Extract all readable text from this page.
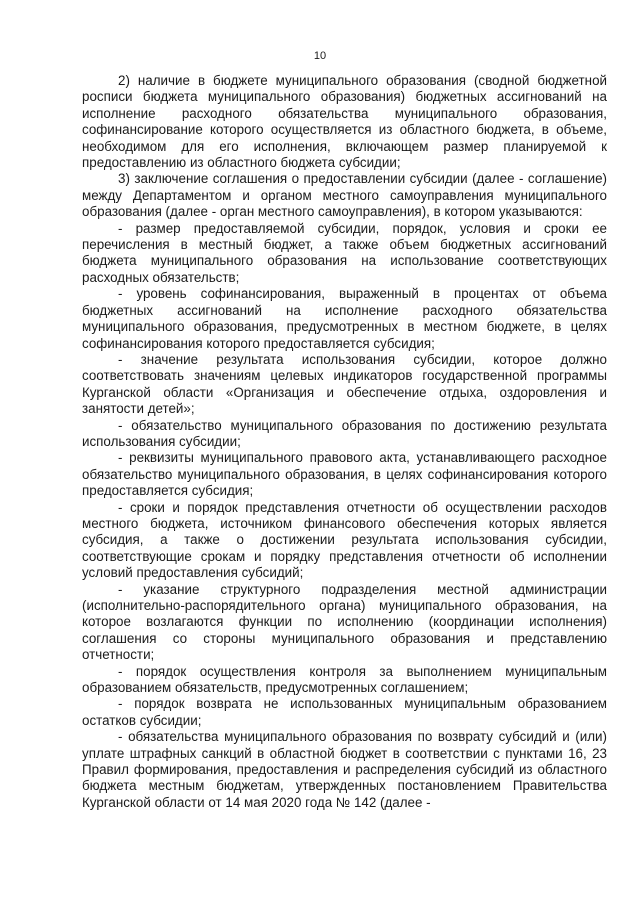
10

2) наличие в бюджете муниципального образования (сводной бюджетной росписи бюджета муниципального образования) бюджетных ассигнований на исполнение расходного обязательства муниципального образования, софинансирование которого осуществляется из областного бюджета, в объеме, необходимом для его исполнения, включающем размер планируемой к предоставлению из областного бюджета субсидии;

3) заключение соглашения о предоставлении субсидии (далее - соглашение) между Департаментом и органом местного самоуправления муниципального образования (далее - орган местного самоуправления), в котором указываются:

- размер предоставляемой субсидии, порядок, условия и сроки ее перечисления в местный бюджет, а также объем бюджетных ассигнований бюджета муниципального образования на использование соответствующих расходных обязательств;

- уровень софинансирования, выраженный в процентах от объема бюджетных ассигнований на исполнение расходного обязательства муниципального образования, предусмотренных в местном бюджете, в целях софинансирования которого предоставляется субсидия;

- значение результата использования субсидии, которое должно соответствовать значениям целевых индикаторов государственной программы Курганской области «Организация и обеспечение отдыха, оздоровления и занятости детей»;

- обязательство муниципального образования по достижению результата использования субсидии;

- реквизиты муниципального правового акта, устанавливающего расходное обязательство муниципального образования, в целях софинансирования которого предоставляется субсидия;

- сроки и порядок представления отчетности об осуществлении расходов местного бюджета, источником финансового обеспечения которых является субсидия, а также о достижении результата использования субсидии, соответствующие срокам и порядку представления отчетности об исполнении условий предоставления субсидий;

- указание структурного подразделения местной администрации (исполнительно-распорядительного органа) муниципального образования, на которое возлагаются функции по исполнению (координации исполнения) соглашения со стороны муниципального образования и представлению отчетности;

- порядок осуществления контроля за выполнением муниципальным образованием обязательств, предусмотренных соглашением;

- порядок возврата не использованных муниципальным образованием остатков субсидии;

- обязательства муниципального образования по возврату субсидий и (или) уплате штрафных санкций в областной бюджет в соответствии с пунктами 16, 23 Правил формирования, предоставления и распределения субсидий из областного бюджета местным бюджетам, утвержденных постановлением Правительства Курганской области от 14 мая 2020 года № 142 (далее -
